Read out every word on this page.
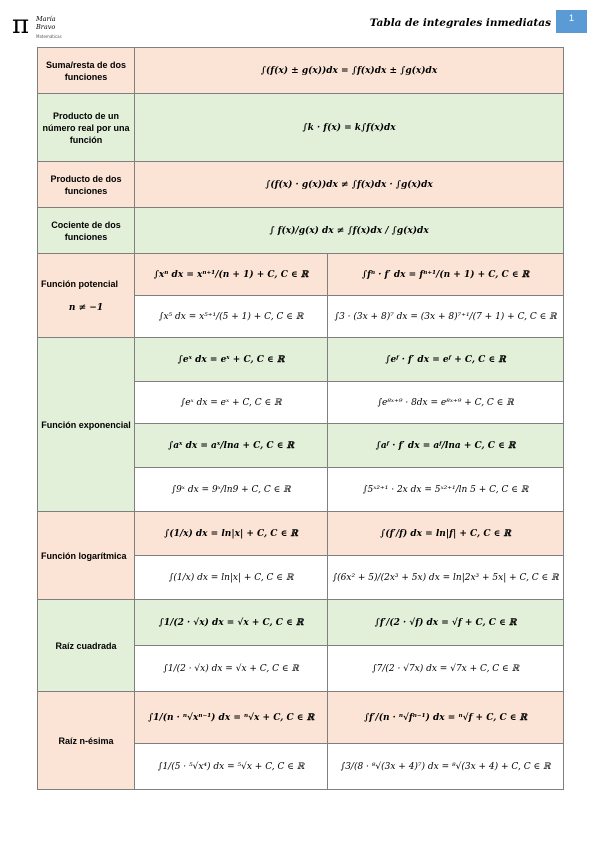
π María
Bravo
Matemáticas
Tabla de integrales inmediatas	1
Suma/resta de dos funciones	∫(f(x) ± g(x))dx = ∫f(x)dx ± ∫g(x)dx	
Producto de un número real por una función	∫k · f(x) = k∫f(x)dx	
Producto de dos funciones	∫(f(x) · g(x))dx ≠ ∫f(x)dx · ∫g(x)dx	
Cociente de dos funciones	∫ f(x)/g(x) dx ≠ ∫f(x)dx / ∫g(x)dx	
Función potencial
n ≠ −1	∫xⁿ dx = xⁿ⁺¹/(n + 1) + C, C ∈ ℝ	∫fⁿ · f′ dx = fⁿ⁺¹/(n + 1) + C, C ∈ ℝ
	∫x⁵ dx = x⁵⁺¹/(5 + 1) + C, C ∈ ℝ	∫3 · (3x + 8)⁷ dx = (3x + 8)⁷⁺¹/(7 + 1) + C, C ∈ ℝ
Función exponencial	∫eˣ dx = eˣ + C, C ∈ ℝ	∫eᶠ · f′ dx = eᶠ + C, C ∈ ℝ
	∫eˣ dx = eˣ + C, C ∈ ℝ	∫e⁸ˣ⁺⁹ · 8dx = e⁸ˣ⁺⁹ + C, C ∈ ℝ
	∫aˣ dx = aˣ/lna + C, C ∈ ℝ	∫aᶠ · f′ dx = aᶠ/lna + C, C ∈ ℝ
	∫9ˣ dx = 9ˣ/ln9 + C, C ∈ ℝ	∫5ˣ²⁺¹ · 2x dx = 5ˣ²⁺¹/ln 5 + C, C ∈ ℝ
Función logarítmica	∫(1/x) dx = ln|x| + C, C ∈ ℝ	∫(f′/f) dx = ln|f| + C, C ∈ ℝ
	∫(1/x) dx = ln|x| + C, C ∈ ℝ	∫(6x² + 5)/(2x³ + 5x) dx = ln|2x³ + 5x| + C, C ∈ ℝ
Raíz cuadrada	∫1/(2 · √x) dx = √x + C, C ∈ ℝ	∫f′/(2 · √f) dx = √f + C, C ∈ ℝ
	∫1/(2 · √x) dx = √x + C, C ∈ ℝ	∫7/(2 · √7x) dx = √7x + C, C ∈ ℝ
Raíz n-ésima	∫1/(n · ⁿ√xⁿ⁻¹) dx = ⁿ√x + C, C ∈ ℝ	∫f′/(n · ⁿ√fⁿ⁻¹) dx = ⁿ√f + C, C ∈ ℝ
	∫1/(5 · ⁵√x⁴) dx = ⁵√x + C, C ∈ ℝ	∫3/(8 · ⁸√(3x + 4)⁷) dx = ⁸√(3x + 4) + C, C ∈ ℝ
